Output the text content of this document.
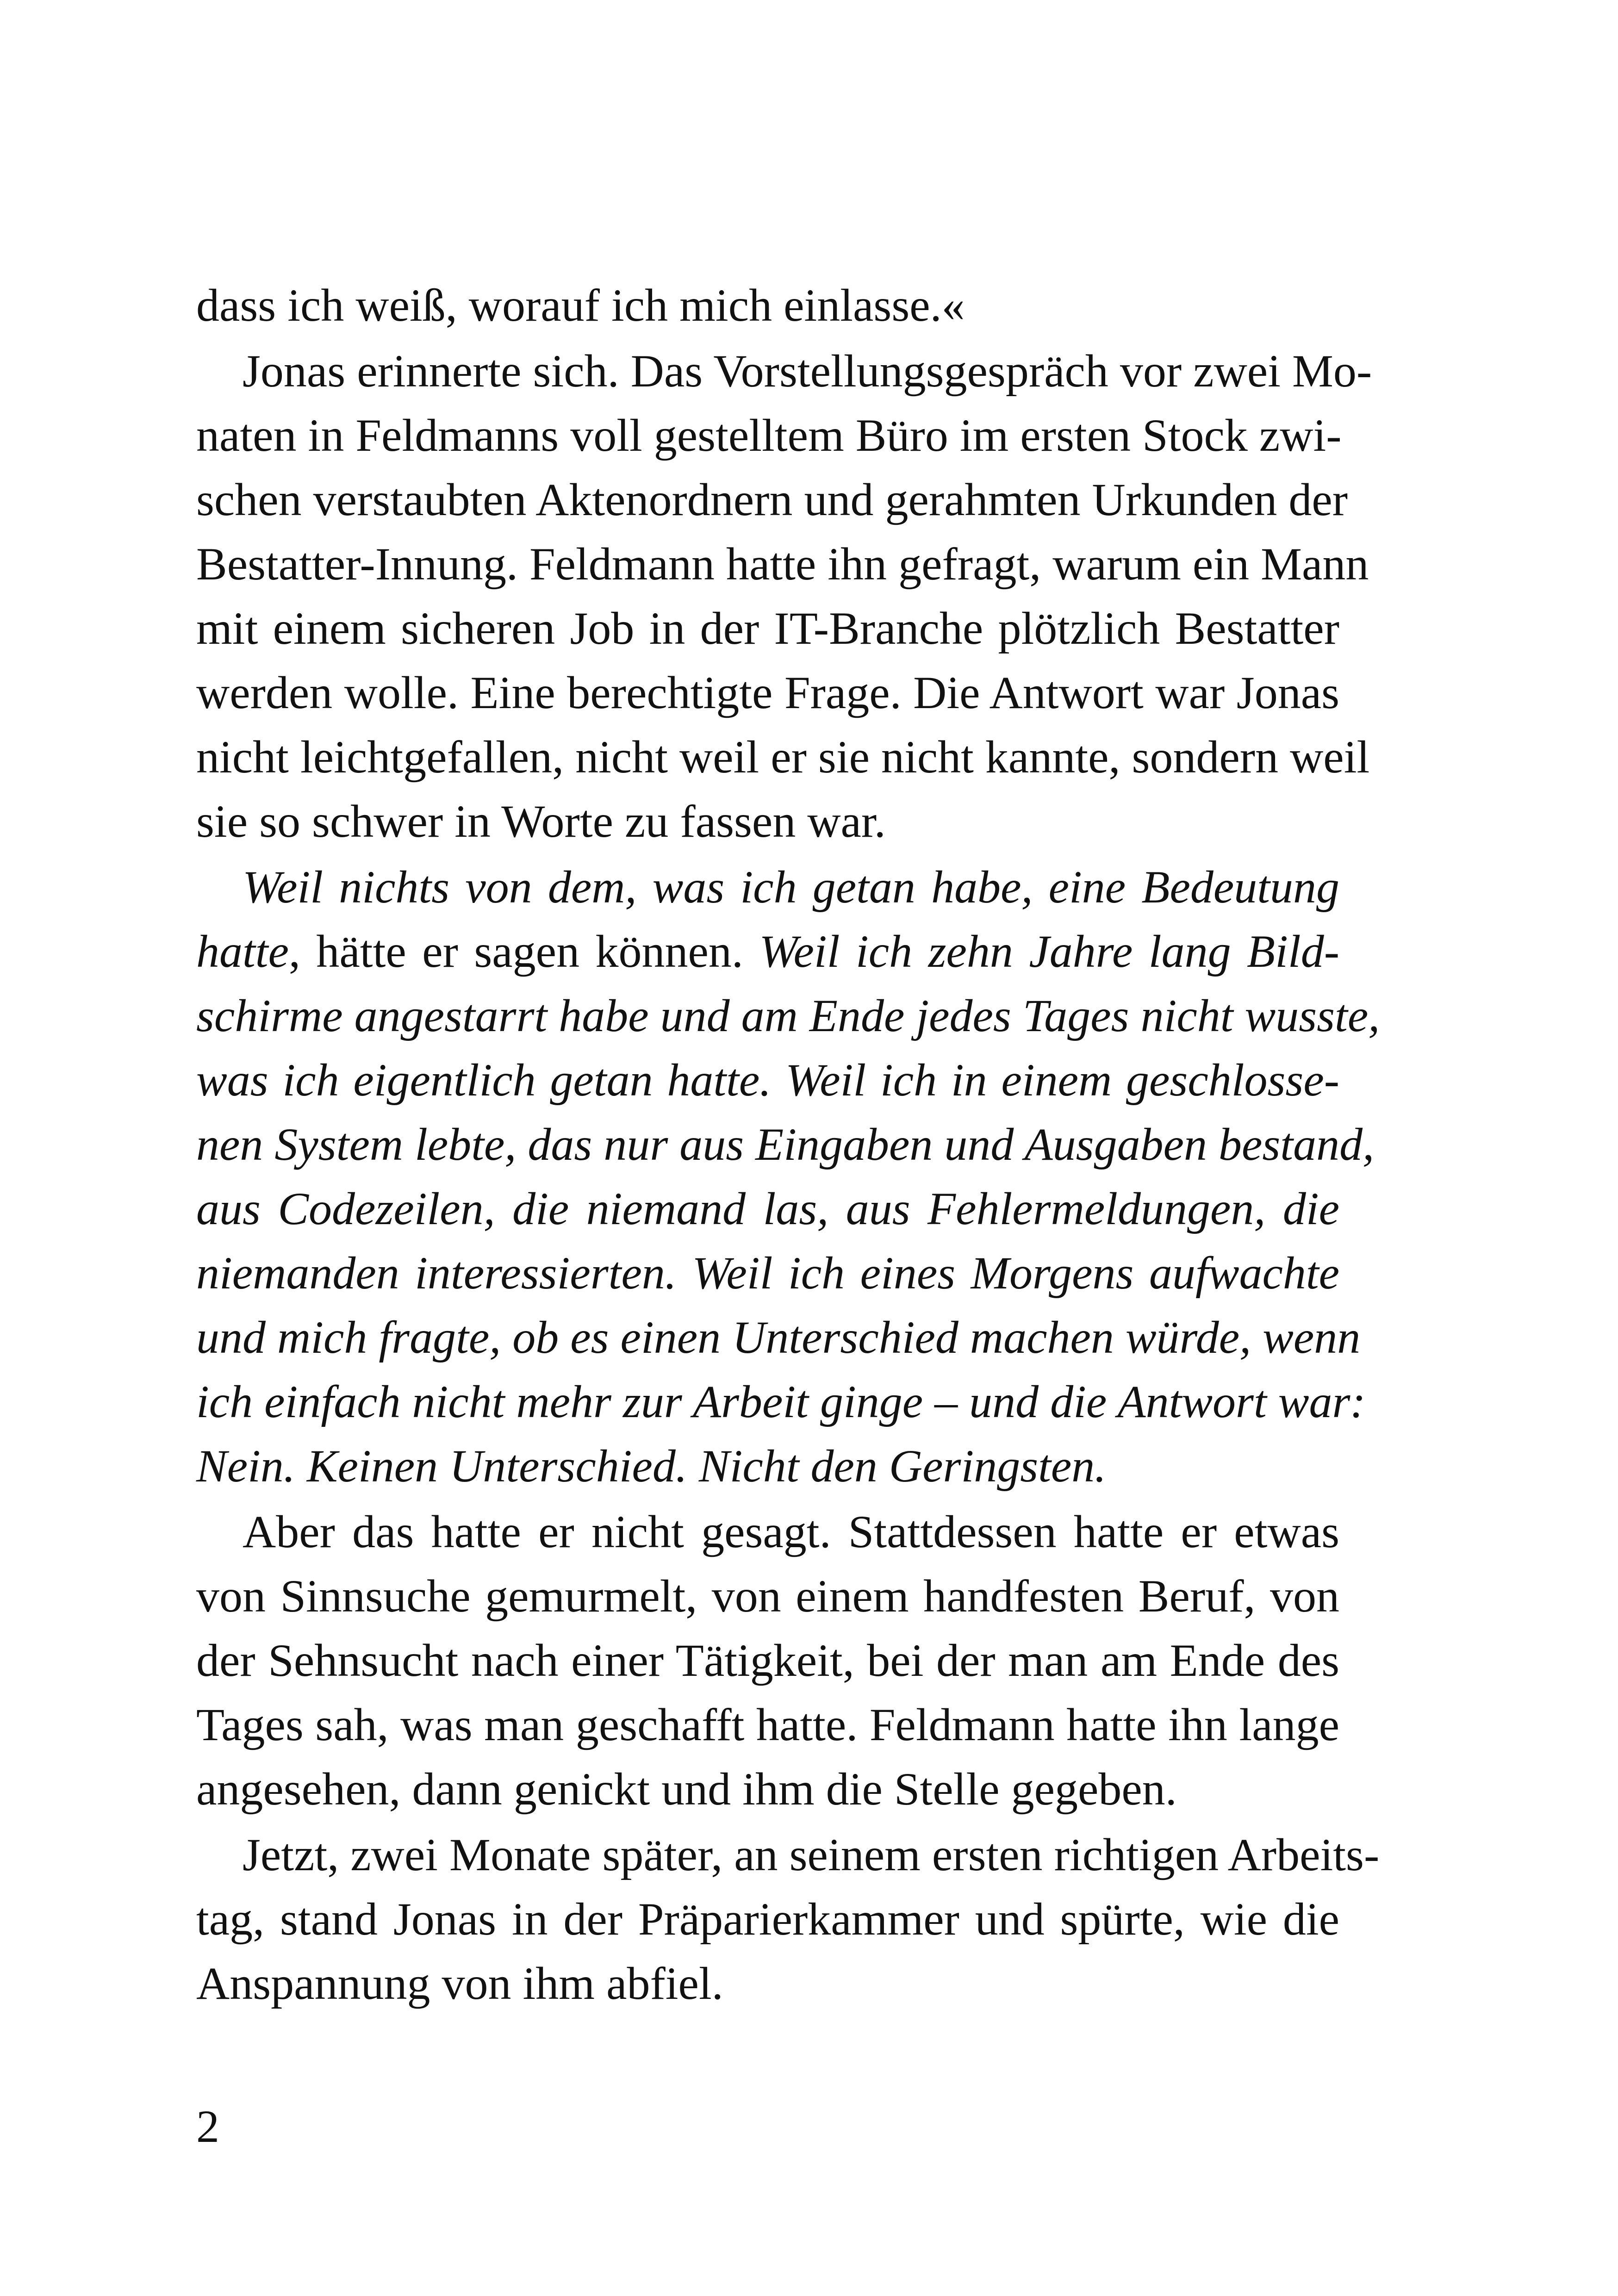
dass ich weiß, worauf ich mich einlasse.«
Jonas erinnerte sich. Das Vorstellungsgespräch vor zwei Mo-
naten in Feldmanns voll gestelltem Büro im ersten Stock zwi-
schen verstaubten Aktenordnern und gerahmten Urkunden der
Bestatter-Innung. Feldmann hatte ihn gefragt, warum ein Mann
mit einem sicheren Job in der IT-Branche plötzlich Bestatter
werden wolle. Eine berechtigte Frage. Die Antwort war Jonas
nicht leichtgefallen, nicht weil er sie nicht kannte, sondern weil
sie so schwer in Worte zu fassen war.
Weil nichts von dem, was ich getan habe, eine Bedeutung
hatte, hätte er sagen können. Weil ich zehn Jahre lang Bild-
schirme angestarrt habe und am Ende jedes Tages nicht wusste,
was ich eigentlich getan hatte. Weil ich in einem geschlosse-
nen System lebte, das nur aus Eingaben und Ausgaben bestand,
aus Codezeilen, die niemand las, aus Fehlermeldungen, die
niemanden interessierten. Weil ich eines Morgens aufwachte
und mich fragte, ob es einen Unterschied machen würde, wenn
ich einfach nicht mehr zur Arbeit ginge – und die Antwort war:
Nein. Keinen Unterschied. Nicht den Geringsten.
Aber das hatte er nicht gesagt. Stattdessen hatte er etwas
von Sinnsuche gemurmelt, von einem handfesten Beruf, von
der Sehnsucht nach einer Tätigkeit, bei der man am Ende des
Tages sah, was man geschafft hatte. Feldmann hatte ihn lange
angesehen, dann genickt und ihm die Stelle gegeben.
Jetzt, zwei Monate später, an seinem ersten richtigen Arbeits-
tag, stand Jonas in der Präparierkammer und spürte, wie die
Anspannung von ihm abfiel.
2
